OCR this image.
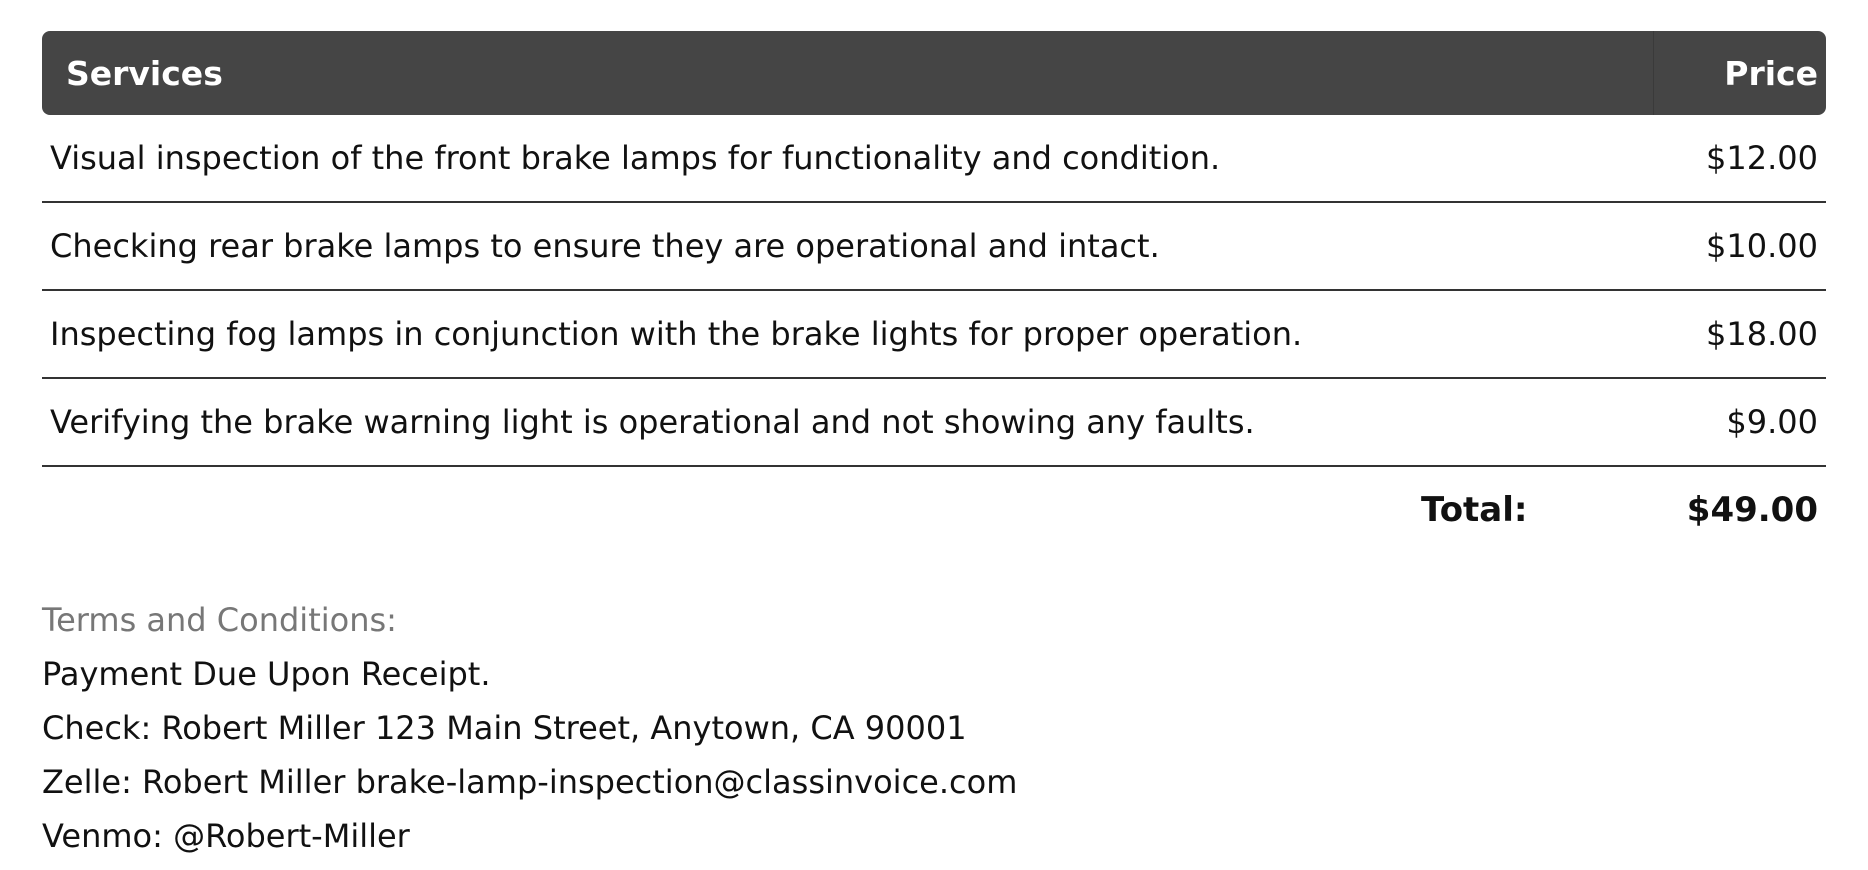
Services	Price
Visual inspection of the front brake lamps for functionality and condition.	$12.00
Checking rear brake lamps to ensure they are operational and intact.	$10.00
Inspecting fog lamps in conjunction with the brake lights for proper operation.	$18.00
Verifying the brake warning light is operational and not showing any faults.	$9.00
Total:	$49.00
Terms and Conditions:
Payment Due Upon Receipt.
Check: Robert Miller 123 Main Street, Anytown, CA 90001
Zelle: Robert Miller brake-lamp-inspection@classinvoice.com
Venmo: @Robert-Miller
